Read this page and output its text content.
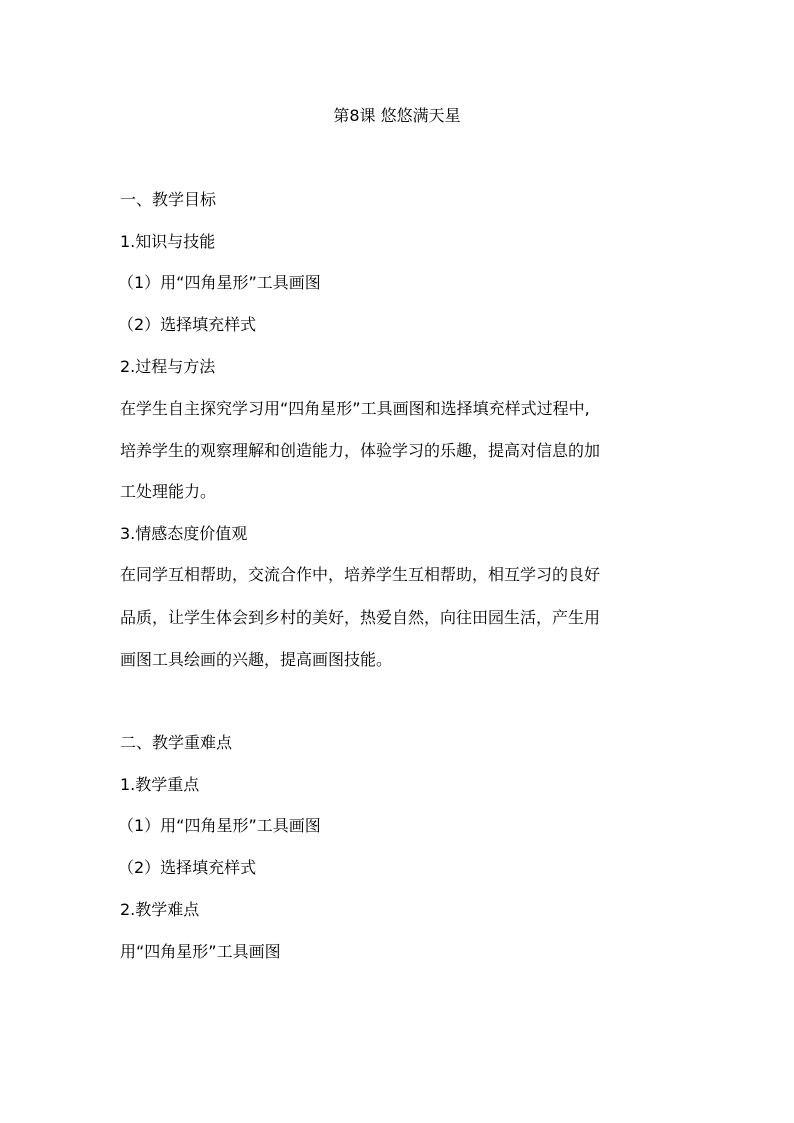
第8课 悠悠满天星
一、教学目标
1.知识与技能
（1）用“四角星形”工具画图
（2）选择填充样式
2.过程与方法
在学生自主探究学习用“四角星形”工具画图和选择填充样式过程中,
培养学生的观察理解和创造能力，体验学习的乐趣，提高对信息的加
工处理能力。
3.情感态度价值观
在同学互相帮助，交流合作中，培养学生互相帮助，相互学习的良好
品质，让学生体会到乡村的美好，热爱自然，向往田园生活，产生用
画图工具绘画的兴趣，提高画图技能。
二、教学重难点
1.教学重点
（1）用“四角星形”工具画图
（2）选择填充样式
2.教学难点
用“四角星形”工具画图
